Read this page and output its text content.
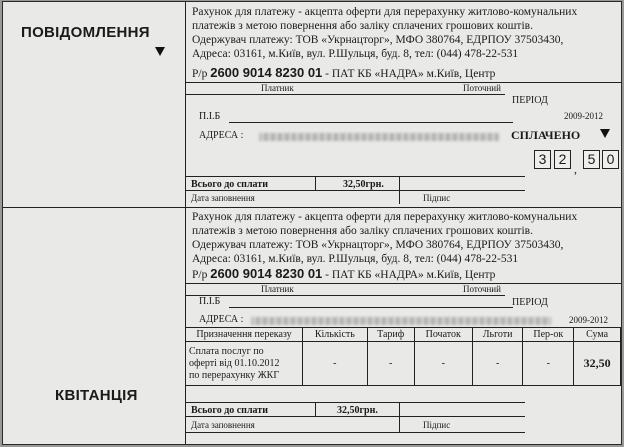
ПОВІДОМЛЕННЯ
Рахунок для платежу - акцепта оферти для перерахунку житлово-комунальних
платежів з метою повернення або заліку сплачених грошових коштів.
Одержувач платежу: ТОВ «Укрнацторг», МФО 380764, ЕДРПОУ 37503430,
Адреса: 03161, м.Київ, вул. Р.Шульця, буд. 8, тел: (044) 478-22-531
Р/р 2600 9014 8230 01 - ПАТ КБ «НАДРА» м.Київ, Центр
Платник	Поточний
ПЕРІОД
2009-2012
П.І.Б
АДРЕСА :	СПЛАЧЕНО
3 2
,
5 0
Всього до сплати	32,50грн.
Дата заповнення	Підпис
Рахунок для платежу - акцепта оферти для перерахунку житлово-комунальних
платежів з метою повернення або заліку сплачених грошових коштів.
Одержувач платежу: ТОВ «Укрнацторг», МФО 380764, ЕДРПОУ 37503430,
Адреса: 03161, м.Київ, вул. Р.Шульця, буд. 8, тел: (044) 478-22-531
Р/р 2600 9014 8230 01 - ПАТ КБ «НАДРА» м.Київ, Центр
Платник	Поточний
П.І.Б	ПЕРІОД
АДРЕСА :	2009-2012
Призначення переказу	Кількість	Тариф	Початок	Льготи	Пер-ок	Сума

Сплата послуг по
оферті від 01.10.2012
по перерахунку ЖКГ	-	-	-	-	-	32,50
КВІТАНЦІЯ
Всього до сплати	32,50грн.
Дата заповнення	Підпис
